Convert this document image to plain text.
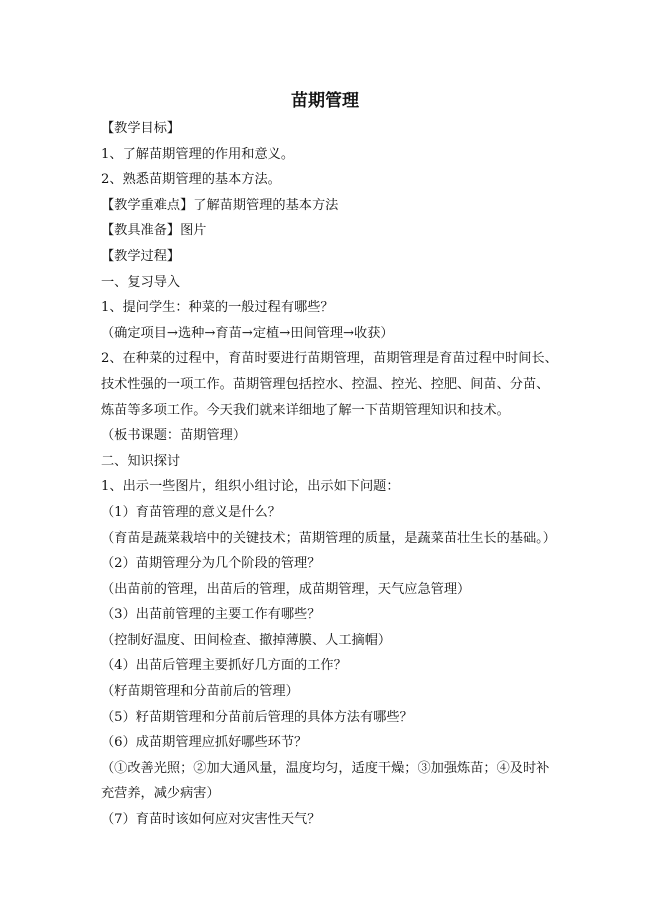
苗期管理

【教学目标】

1、了解苗期管理的作用和意义。

2、熟悉苗期管理的基本方法。

【教学重难点】了解苗期管理的基本方法

【教具准备】图片

【教学过程】

一、复习导入

1、提问学生：种菜的一般过程有哪些？

（确定项目→选种→育苗→定植→田间管理→收获）

2、在种菜的过程中，育苗时要进行苗期管理，苗期管理是育苗过程中时间长、技术性强的一项工作。苗期管理包括控水、控温、控光、控肥、间苗、分苗、炼苗等多项工作。今天我们就来详细地了解一下苗期管理知识和技术。

（板书课题：苗期管理）

二、知识探讨

1、出示一些图片，组织小组讨论，出示如下问题：

（1）育苗管理的意义是什么？

（育苗是蔬菜栽培中的关键技术；苗期管理的质量，是蔬菜苗壮生长的基础。）

（2）苗期管理分为几个阶段的管理？

（出苗前的管理，出苗后的管理，成苗期管理，天气应急管理）

（3）出苗前管理的主要工作有哪些？

（控制好温度、田间检查、撤掉薄膜、人工摘帽）

（4）出苗后管理主要抓好几方面的工作？

（籽苗期管理和分苗前后的管理）

（5）籽苗期管理和分苗前后管理的具体方法有哪些？

（6）成苗期管理应抓好哪些环节？

（①改善光照；②加大通风量，温度均匀，适度干燥；③加强炼苗；④及时补充营养，减少病害）

（7）育苗时该如何应对灾害性天气？
